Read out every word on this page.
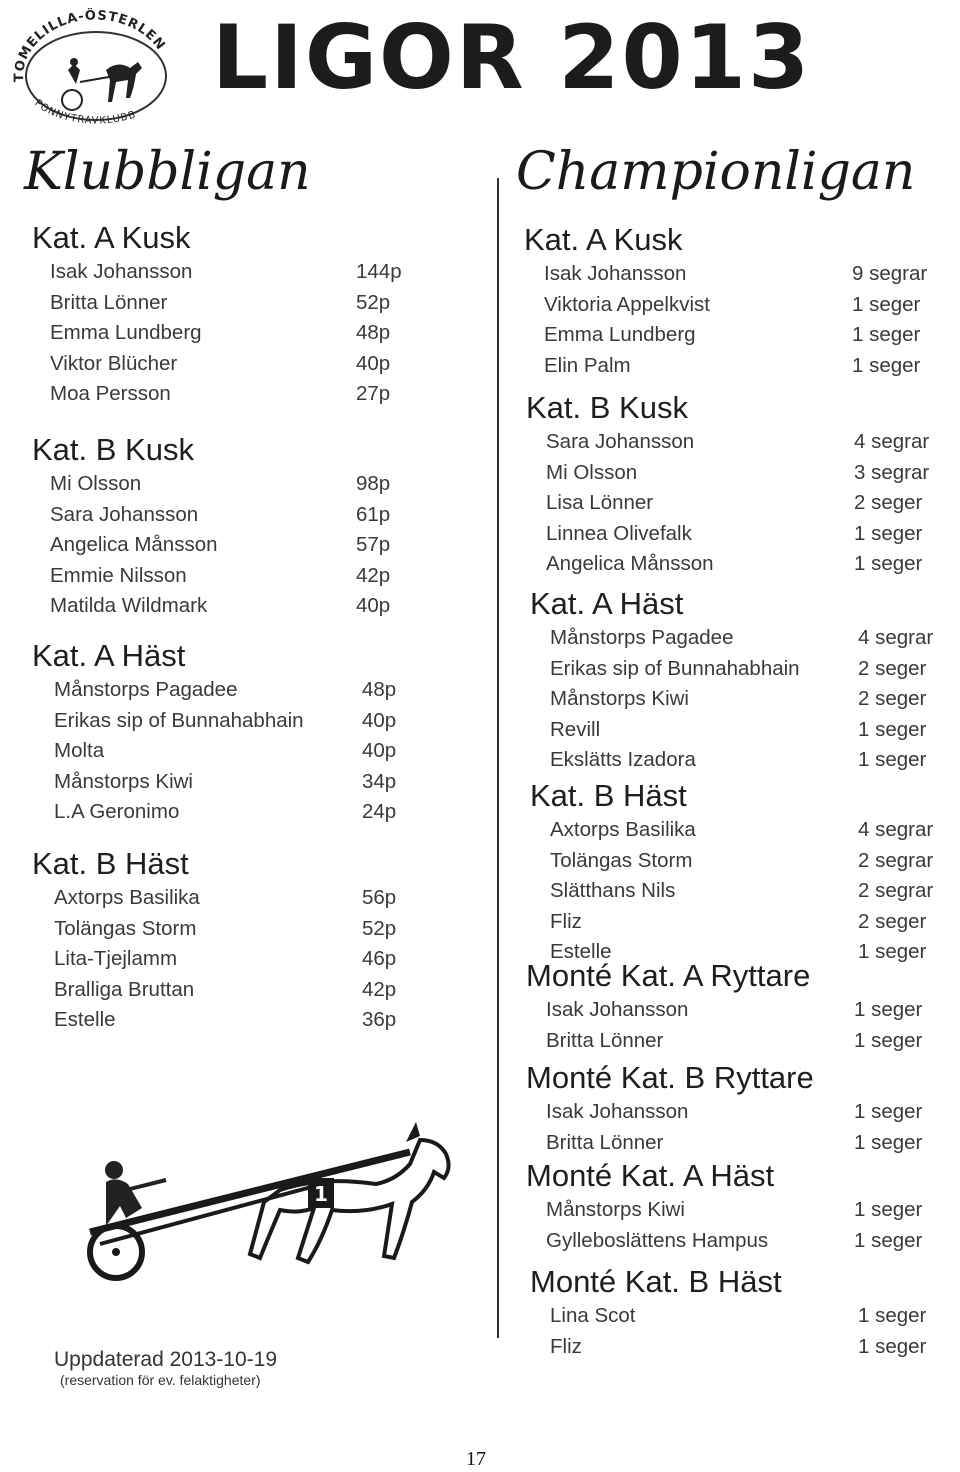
TOMELILLA-ÖSTERLEN
PONNYTRAVKLUBB
LIGOR 2013
Klubbligan	Championligan
Kat. A Kusk
Isak Johansson	144p
Britta Lönner	52p
Emma Lundberg	48p
Viktor Blücher	40p
Moa Persson	27p
Kat. B Kusk
Mi Olsson	98p
Sara Johansson	61p
Angelica Månsson	57p
Emmie Nilsson	42p
Matilda Wildmark	40p
Kat. A Häst
Månstorps Pagadee	48p
Erikas sip of Bunnahabhain	40p
Molta	40p
Månstorps Kiwi	34p
L.A Geronimo	24p
Kat. B Häst
Axtorps Basilika	56p
Tolängas Storm	52p
Lita-Tjejlamm	46p
Bralliga Bruttan	42p
Estelle	36p
1
Uppdaterad 2013-10-19
(reservation för ev. felaktigheter)
Kat. A Kusk
Isak Johansson	9 segrar
Viktoria Appelkvist	1 seger
Emma Lundberg	1 seger
Elin Palm	1 seger
Kat. B Kusk
Sara Johansson	4 segrar
Mi Olsson	3 segrar
Lisa Lönner	2 seger
Linnea Olivefalk	1 seger
Angelica Månsson	1 seger
Kat. A Häst
Månstorps Pagadee	4 segrar
Erikas sip of Bunnahabhain	2 seger
Månstorps Kiwi	2 seger
Revill	1 seger
Ekslätts Izadora	1 seger
Kat. B Häst
Axtorps Basilika	4 segrar
Tolängas Storm	2 segrar
Slätthans Nils	2 segrar
Fliz	2 seger
Estelle	1 seger
Monté Kat. A Ryttare
Isak Johansson	1 seger
Britta Lönner	1 seger
Monté Kat. B Ryttare
Isak Johansson	1 seger
Britta Lönner	1 seger
Monté Kat. A Häst
Månstorps Kiwi	1 seger
Gylleboslättens Hampus	1 seger
Monté Kat. B Häst
Lina Scot	1 seger
Fliz	1 seger
17
